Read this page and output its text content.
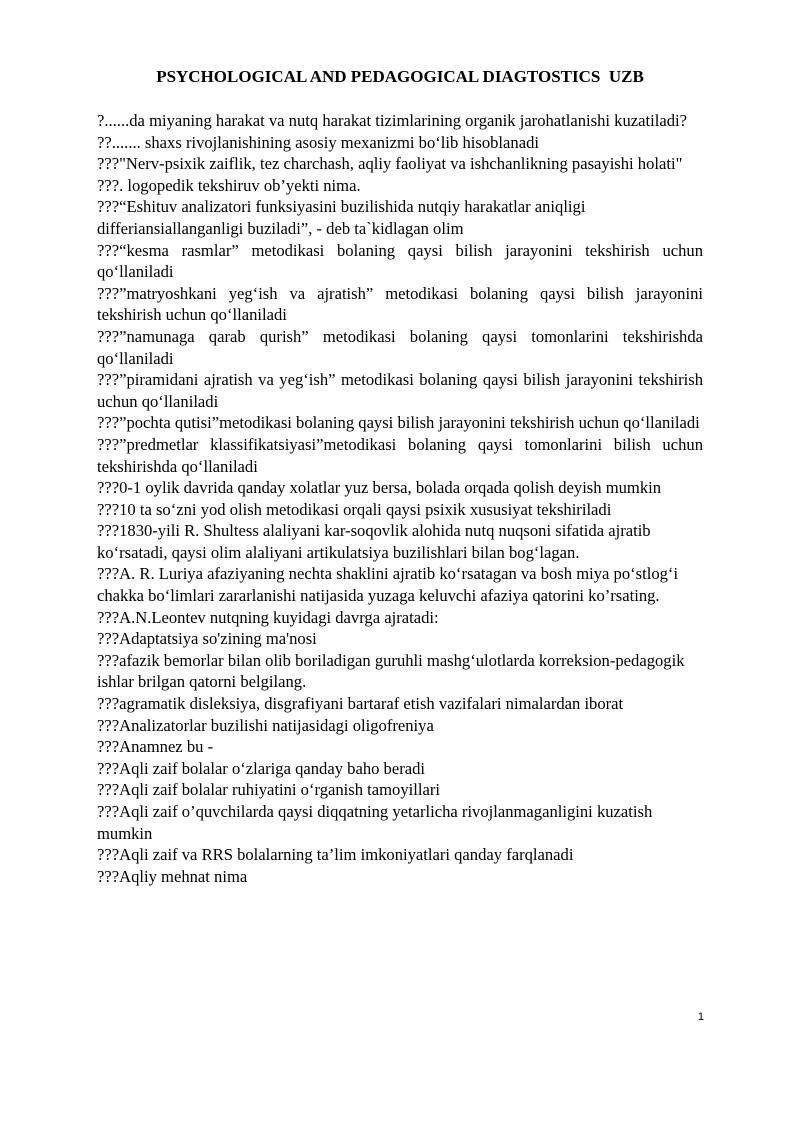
PSYCHOLOGICAL AND PEDAGOGICAL DIAGTOSTICS  UZB

?......da miyaning harakat va nutq harakat tizimlarining organik jarohatlanishi kuzatiladi?

??....... shaxs rivojlanishining asosiy mexanizmi bo‘lib hisoblanadi

???"Nerv-psixik zaiflik, tez charchash, aqliy faoliyat va ishchanlikning pasayishi holati"

???. logopedik tekshiruv ob’yekti nima.

???“Eshituv analizatori funksiyasini buzilishida nutqiy harakatlar aniqligi differiansiallanganligi buziladi”, - deb ta`kidlagan olim

???“kesma rasmlar” metodikasi bolaning qaysi bilish jarayonini tekshirish uchun qo‘llaniladi

???”matryoshkani yeg‘ish va ajratish” metodikasi bolaning qaysi bilish jarayonini tekshirish uchun qo‘llaniladi

???”namunaga qarab qurish” metodikasi bolaning qaysi tomonlarini tekshirishda qo‘llaniladi

???”piramidani ajratish va yeg‘ish” metodikasi bolaning qaysi bilish jarayonini tekshirish uchun qo‘llaniladi

???”pochta qutisi”metodikasi bolaning qaysi bilish jarayonini tekshirish uchun qo‘llaniladi

???”predmetlar klassifikatsiyasi”metodikasi bolaning qaysi tomonlarini bilish uchun tekshirishda qo‘llaniladi

???0-1 oylik davrida qanday xolatlar yuz bersa, bolada orqada qolish deyish mumkin

???10 ta so‘zni yod olish metodikasi orqali qaysi psixik xususiyat tekshiriladi

???1830-yili R. Shultess alaliyani kar-soqovlik alohida nutq nuqsoni sifatida ajratib ko‘rsatadi, qaysi olim alaliyani artikulatsiya buzilishlari bilan bog‘lagan.

???A. R. Luriya afaziyaning nechta shaklini ajratib ko‘rsatagan va bosh miya po‘stlog‘i chakka bo‘limlari zararlanishi natijasida yuzaga keluvchi afaziya qatorini ko’rsating.

???A.N.Leontev nutqning kuyidagi davrga ajratadi:

???Adaptatsiya so'zining ma'nosi

???afazik bemorlar bilan olib boriladigan guruhli mashg‘ulotlarda korreksion-pedagogik ishlar brilgan qatorni belgilang.

???agramatik disleksiya, disgrafiyani bartaraf etish vazifalari nimalardan iborat

???Analizatorlar buzilishi natijasidagi oligofreniya

???Anamnez bu -

???Aqli zaif bolalar o‘zlariga qanday baho beradi

???Aqli zaif bolalar ruhiyatini o‘rganish tamoyillari

???Aqli zaif o’quvchilarda qaysi diqqatning yetarlicha rivojlanmaganligini kuzatish mumkin

???Aqli zaif va RRS bolalarning ta’lim imkoniyatlari qanday farqlanadi

???Aqliy mehnat nima

1
